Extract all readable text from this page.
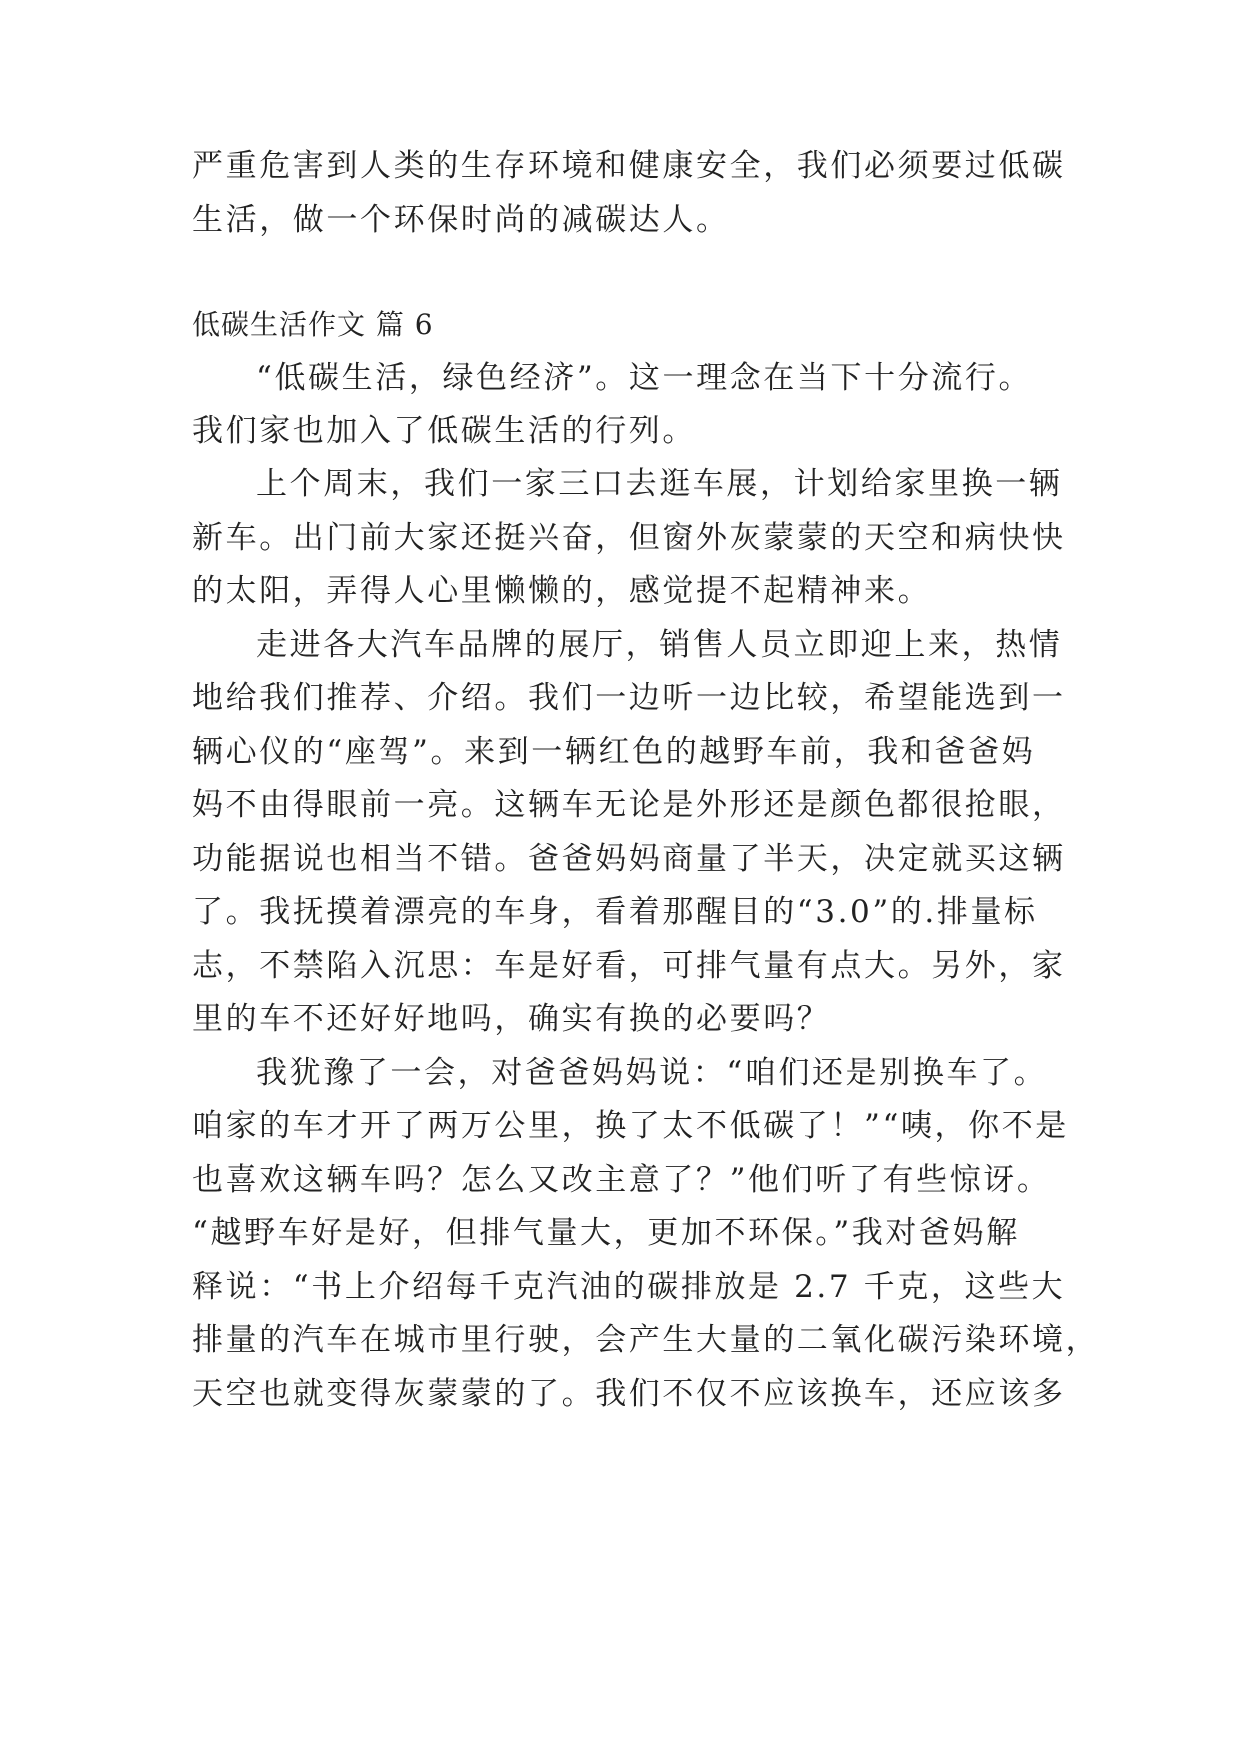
严重危害到人类的生存环境和健康安全，我们必须要过低碳
生活，做一个环保时尚的减碳达人。
低碳生活作文 篇 6
“低碳生活，绿色经济”。这一理念在当下十分流行。
我们家也加入了低碳生活的行列。
上个周末，我们一家三口去逛车展，计划给家里换一辆
新车。出门前大家还挺兴奋，但窗外灰蒙蒙的天空和病快快
的太阳，弄得人心里懒懒的，感觉提不起精神来。
走进各大汽车品牌的展厅，销售人员立即迎上来，热情
地给我们推荐、介绍。我们一边听一边比较，希望能选到一
辆心仪的“座驾”。来到一辆红色的越野车前，我和爸爸妈
妈不由得眼前一亮。这辆车无论是外形还是颜色都很抢眼，
功能据说也相当不错。爸爸妈妈商量了半天，决定就买这辆
了。我抚摸着漂亮的车身，看着那醒目的“3.0”的.排量标
志，不禁陷入沉思：车是好看，可排气量有点大。另外，家
里的车不还好好地吗，确实有换的必要吗？
我犹豫了一会，对爸爸妈妈说：“咱们还是别换车了。
咱家的车才开了两万公里，换了太不低碳了！”“咦，你不是
也喜欢这辆车吗？怎么又改主意了？”他们听了有些惊讶。
“越野车好是好，但排气量大，更加不环保。”我对爸妈解
释说：“书上介绍每千克汽油的碳排放是 2.7 千克，这些大
排量的汽车在城市里行驶，会产生大量的二氧化碳污染环境，
天空也就变得灰蒙蒙的了。我们不仅不应该换车，还应该多
